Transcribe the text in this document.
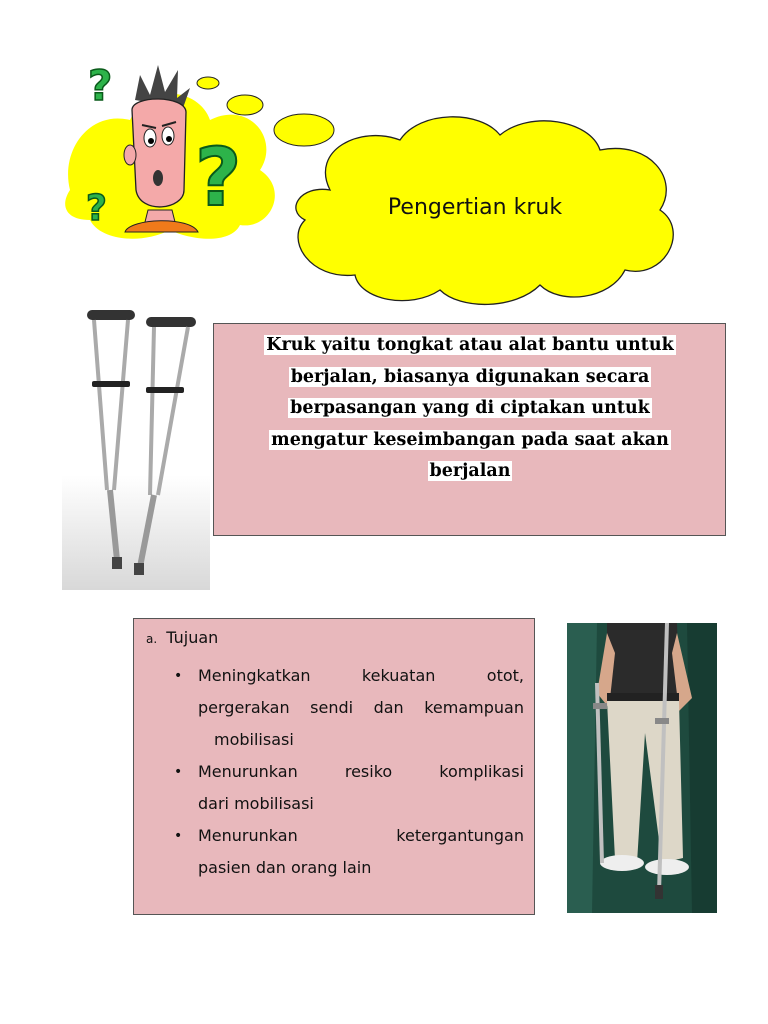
?
? ?	Pengertian kruk
Kruk yaitu tongkat atau alat bantu untuk
berjalan, biasanya digunakan secara
berpasangan yang di ciptakan untuk
mengatur keseimbangan pada saat akan
berjalan
a. Tujuan
• Meningkatkan kekuatan otot,
pergerakan sendi dan kemampuan
mobilisasi
• Menurunkan resiko komplikasi
dari mobilisasi
• Menurunkan ketergantungan
pasien dan orang lain
